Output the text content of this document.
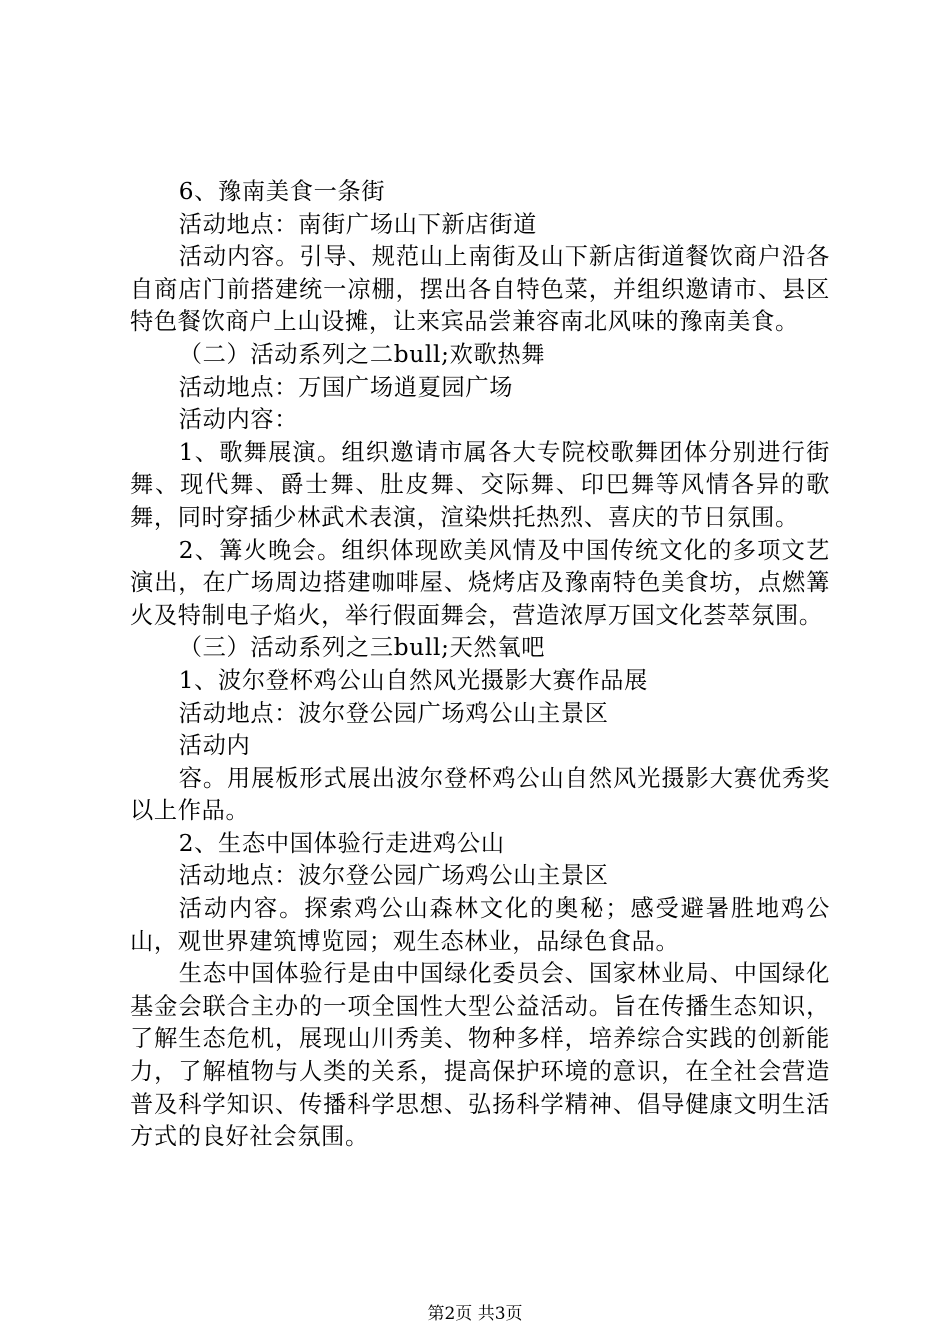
6、豫南美食一条街

活动地点：南街广场山下新店街道

活动内容。引导、规范山上南街及山下新店街道餐饮商户沿各自商店门前搭建统一凉棚，摆出各自特色菜，并组织邀请市、县区特色餐饮商户上山设摊，让来宾品尝兼容南北风味的豫南美食。

（二）活动系列之二bull;欢歌热舞

活动地点：万国广场逍夏园广场

活动内容：

1、歌舞展演。组织邀请市属各大专院校歌舞团体分别进行街舞、现代舞、爵士舞、肚皮舞、交际舞、印巴舞等风情各异的歌舞，同时穿插少林武术表演，渲染烘托热烈、喜庆的节日氛围。

2、篝火晚会。组织体现欧美风情及中国传统文化的多项文艺演出，在广场周边搭建咖啡屋、烧烤店及豫南特色美食坊，点燃篝火及特制电子焰火，举行假面舞会，营造浓厚万国文化荟萃氛围。

（三）活动系列之三bull;天然氧吧

1、波尔登杯鸡公山自然风光摄影大赛作品展

活动地点：波尔登公园广场鸡公山主景区

活动内

容。用展板形式展出波尔登杯鸡公山自然风光摄影大赛优秀奖以上作品。

2、生态中国体验行走进鸡公山

活动地点：波尔登公园广场鸡公山主景区

活动内容。探索鸡公山森林文化的奥秘；感受避暑胜地鸡公山，观世界建筑博览园；观生态林业，品绿色食品。

生态中国体验行是由中国绿化委员会、国家林业局、中国绿化基金会联合主办的一项全国性大型公益活动。旨在传播生态知识，了解生态危机，展现山川秀美、物种多样，培养综合实践的创新能力，了解植物与人类的关系，提高保护环境的意识，在全社会营造普及科学知识、传播科学思想、弘扬科学精神、倡导健康文明生活方式的良好社会氛围。

第2页 共3页
